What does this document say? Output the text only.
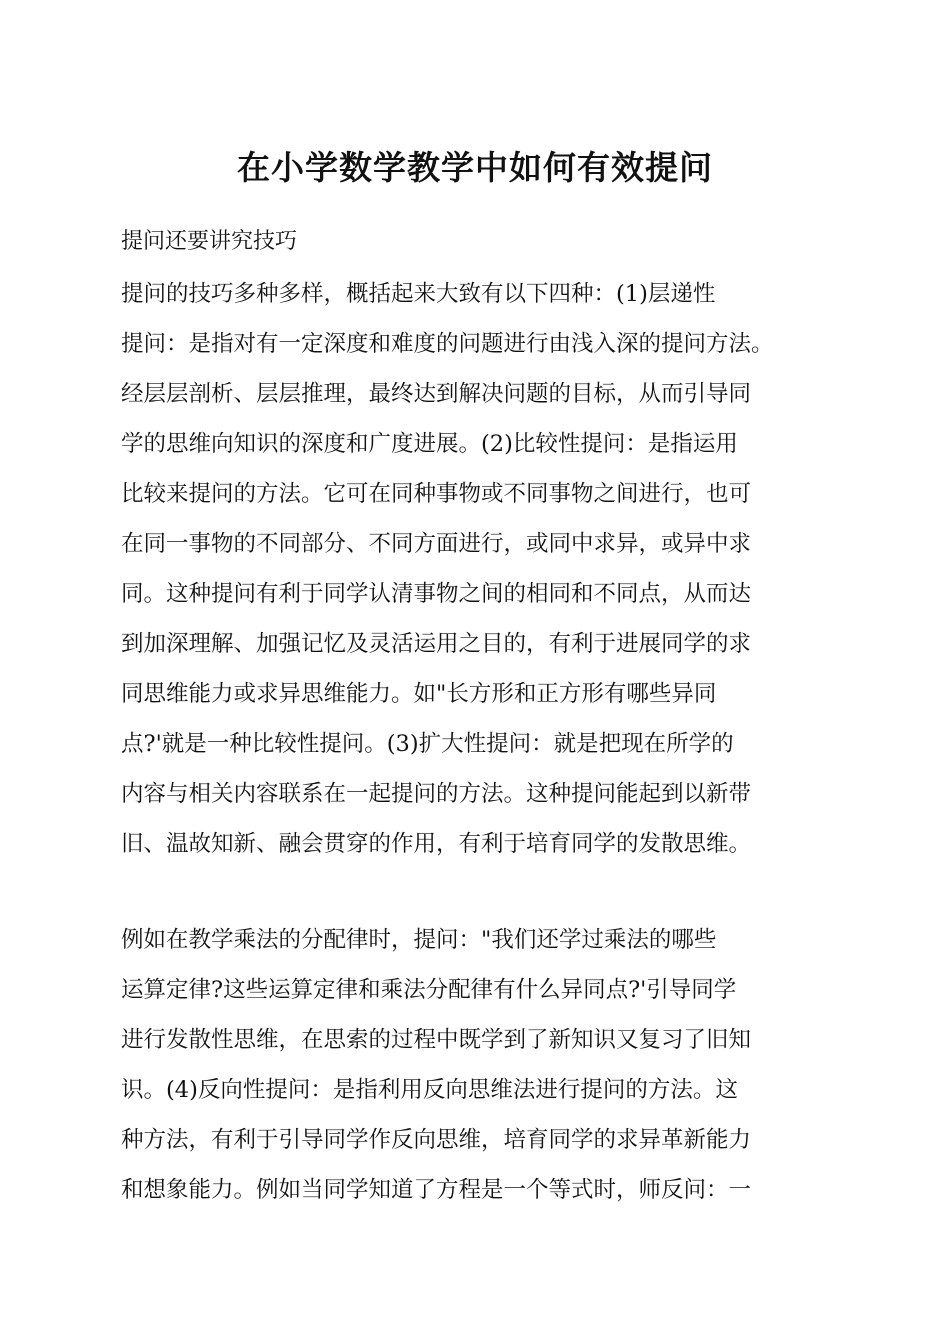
在小学数学教学中如何有效提问

提问还要讲究技巧

提问的技巧多种多样，概括起来大致有以下四种：(1)层递性
提问：是指对有一定深度和难度的问题进行由浅入深的提问方法。
经层层剖析、层层推理，最终达到解决问题的目标，从而引导同
学的思维向知识的深度和广度进展。(2)比较性提问：是指运用
比较来提问的方法。它可在同种事物或不同事物之间进行，也可
在同一事物的不同部分、不同方面进行，或同中求异，或异中求
同。这种提问有利于同学认清事物之间的相同和不同点，从而达
到加深理解、加强记忆及灵活运用之目的，有利于进展同学的求
同思维能力或求异思维能力。如"长方形和正方形有哪些异同
点?'就是一种比较性提问。(3)扩大性提问：就是把现在所学的
内容与相关内容联系在一起提问的方法。这种提问能起到以新带
旧、温故知新、融会贯穿的作用，有利于培育同学的发散思维。
例如在教学乘法的分配律时，提问："我们还学过乘法的哪些
运算定律?这些运算定律和乘法分配律有什么异同点?'引导同学
进行发散性思维，在思索的过程中既学到了新知识又复习了旧知
识。(4)反向性提问：是指利用反向思维法进行提问的方法。这
种方法，有利于引导同学作反向思维，培育同学的求异革新能力
和想象能力。例如当同学知道了方程是一个等式时，师反问：一
